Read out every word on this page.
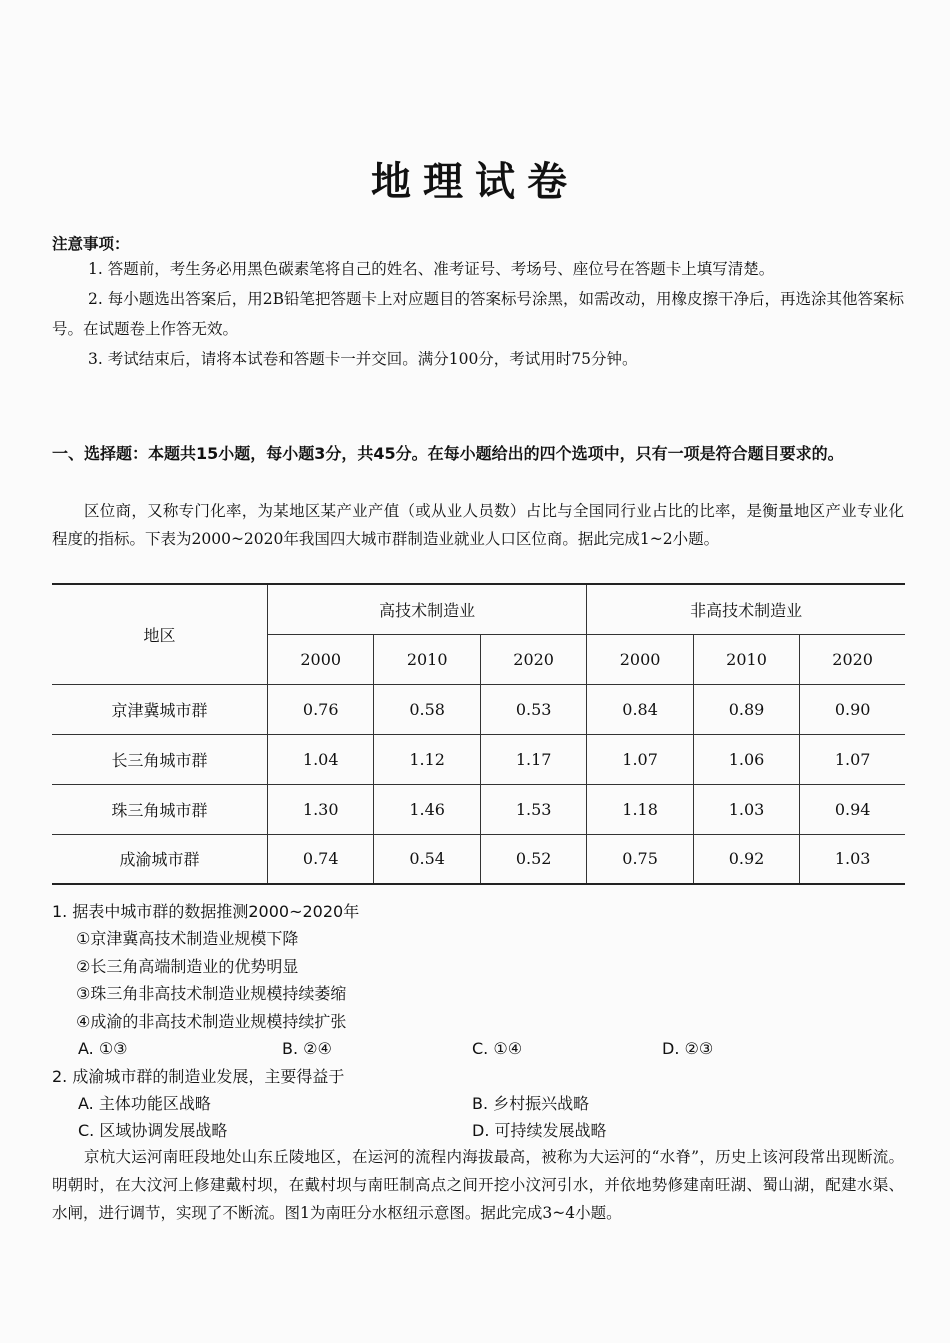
地理试卷
注意事项：

1. 答题前，考生务必用黑色碳素笔将自己的姓名、准考证号、考场号、座位号在答题卡上填写清楚。

2. 每小题选出答案后，用2B铅笔把答题卡上对应题目的答案标号涂黑，如需改动，用橡皮擦干净后，再选涂其他答案标号。在试题卷上作答无效。

3. 考试结束后，请将本试卷和答题卡一并交回。满分100分，考试用时75分钟。

一、选择题：本题共15小题，每小题3分，共45分。在每小题给出的四个选项中，只有一项是符合题目要求的。
区位商，又称专门化率，为某地区某产业产值（或从业人员数）占比与全国同行业占比的比率，是衡量地区产业专业化程度的指标。下表为2000~2020年我国四大城市群制造业就业人口区位商。据此完成1~2小题。
地区	高技术制造业			非高技术制造业		
	2000	2010	2020	2000	2010	2020
京津冀城市群	0.76	0.58	0.53	0.84	0.89	0.90
长三角城市群	1.04	1.12	1.17	1.07	1.06	1.07
珠三角城市群	1.30	1.46	1.53	1.18	1.03	0.94
成渝城市群	0.74	0.54	0.52	0.75	0.92	1.03
1. 据表中城市群的数据推测2000~2020年
①京津冀高技术制造业规模下降
②长三角高端制造业的优势明显
③珠三角非高技术制造业规模持续萎缩
④成渝的非高技术制造业规模持续扩张
A. ①③	B. ②④	C. ①④	D. ②③
2. 成渝城市群的制造业发展，主要得益于
A. 主体功能区战略	B. 乡村振兴战略
C. 区域协调发展战略	D. 可持续发展战略
京杭大运河南旺段地处山东丘陵地区，在运河的流程内海拔最高，被称为大运河的“水脊”，历史上该河段常出现断流。明朝时，在大汶河上修建戴村坝，在戴村坝与南旺制高点之间开挖小汶河引水，并依地势修建南旺湖、蜀山湖，配建水渠、水闸，进行调节，实现了不断流。图1为南旺分水枢纽示意图。据此完成3~4小题。
